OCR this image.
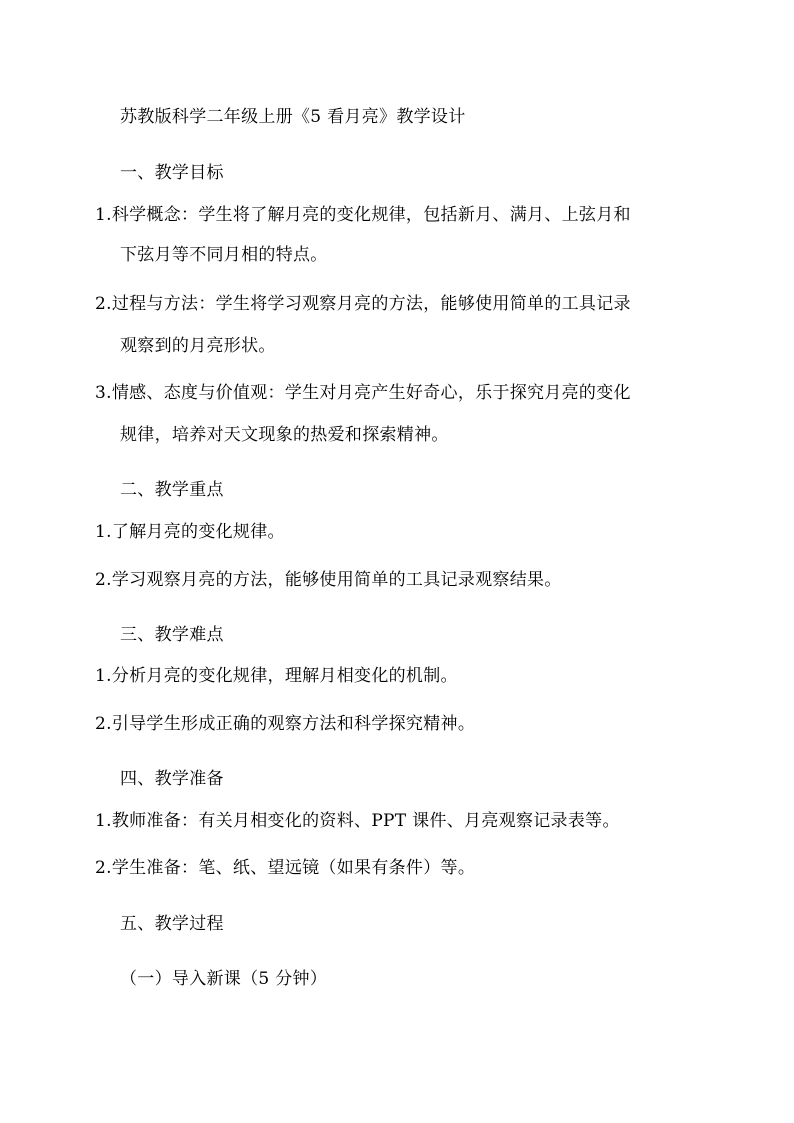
苏教版科学二年级上册《5 看月亮》教学设计
一、教学目标
1.科学概念：学生将了解月亮的变化规律，包括新月、满月、上弦月和
下弦月等不同月相的特点。
2.过程与方法：学生将学习观察月亮的方法，能够使用简单的工具记录
观察到的月亮形状。
3.情感、态度与价值观：学生对月亮产生好奇心，乐于探究月亮的变化
规律，培养对天文现象的热爱和探索精神。
二、教学重点
1.了解月亮的变化规律。
2.学习观察月亮的方法，能够使用简单的工具记录观察结果。
三、教学难点
1.分析月亮的变化规律，理解月相变化的机制。
2.引导学生形成正确的观察方法和科学探究精神。
四、教学准备
1.教师准备：有关月相变化的资料、PPT 课件、月亮观察记录表等。
2.学生准备：笔、纸、望远镜（如果有条件）等。
五、教学过程
（一）导入新课（5 分钟）
